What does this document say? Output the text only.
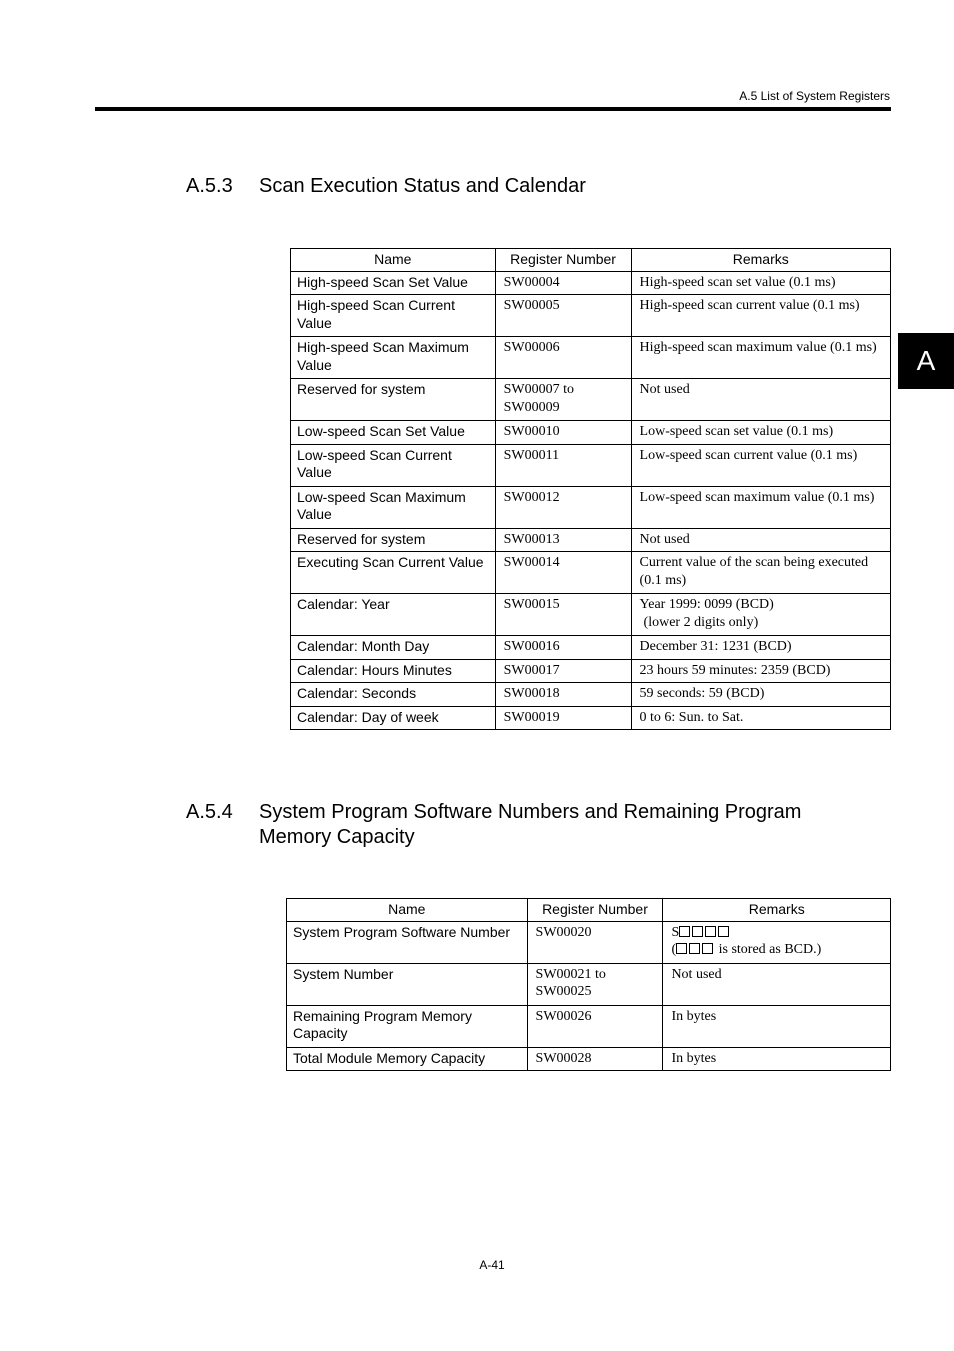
A.5 List of System Registers
A
A.5.3 Scan Execution Status and Calendar
Name	Register Number	Remarks
High-speed Scan Set Value	SW00004	High-speed scan set value (0.1 ms)
High-speed Scan Current Value	SW00005	High-speed scan current value (0.1 ms)
High-speed Scan Maximum Value	SW00006	High-speed scan maximum value (0.1 ms)
Reserved for system	SW00007 to SW00009	Not used
Low-speed Scan Set Value	SW00010	Low-speed scan set value (0.1 ms)
Low-speed Scan Current Value	SW00011	Low-speed scan current value (0.1 ms)
Low-speed Scan Maximum Value	SW00012	Low-speed scan maximum value (0.1 ms)
Reserved for system	SW00013	Not used
Executing Scan Current Value	SW00014	Current value of the scan being executed (0.1 ms)
Calendar: Year	SW00015	Year 1999: 0099 (BCD)
(lower 2 digits only)

Calendar: Month Day	SW00016	December 31: 1231 (BCD)
Calendar: Hours Minutes	SW00017	23 hours 59 minutes: 2359 (BCD)
Calendar: Seconds	SW00018	59 seconds: 59 (BCD)
Calendar: Day of week	SW00019	0 to 6: Sun. to Sat.
A.5.4 System Program Software Numbers and Remaining Program
Memory Capacity
Name	Register Number	Remarks
System Program Software Number	SW00020	S
( is stored as BCD.)

System Number	SW00021 to SW00025	Not used
Remaining Program Memory Capacity	SW00026	In bytes
Total Module Memory Capacity	SW00028	In bytes
A-41
